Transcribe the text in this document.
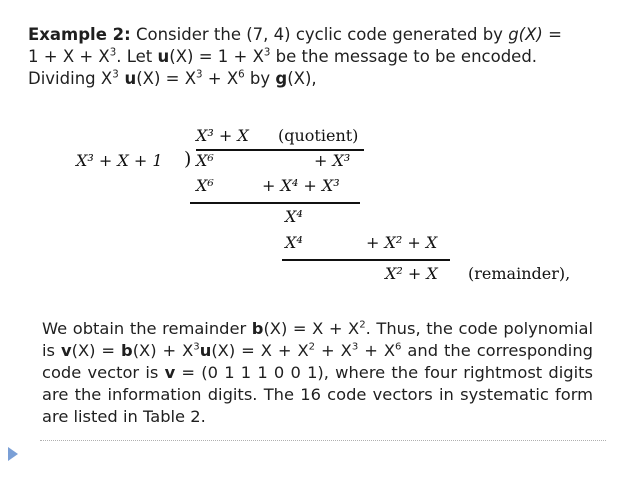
Example 2: Consider the (7, 4) cyclic code generated by g(X) =
$1 + X + X^3$. Let $u(X) = 1 + X^3$ be the message to be encoded.
Dividing $X^3$ $u(X) = X^3 + X^6$ by g(X),
X³ + X (quotient)
)
X³ + X + 1 X⁶	+ X³
X⁶	+ X⁴ + X³
X⁴
X⁴	+ X² + X
X² + X (remainder),
We obtain the remainder $b(X) = X + X^2$. Thus, the code polynomial is $v(X) = b(X) + X^3u(X) = X + X^2 + X^3 + X^6$ and the corresponding code vector is v = (0 1 1 1 0 0 1), where the four rightmost digits are the information digits. The 16 code vectors in systematic form are listed in Table 2.
